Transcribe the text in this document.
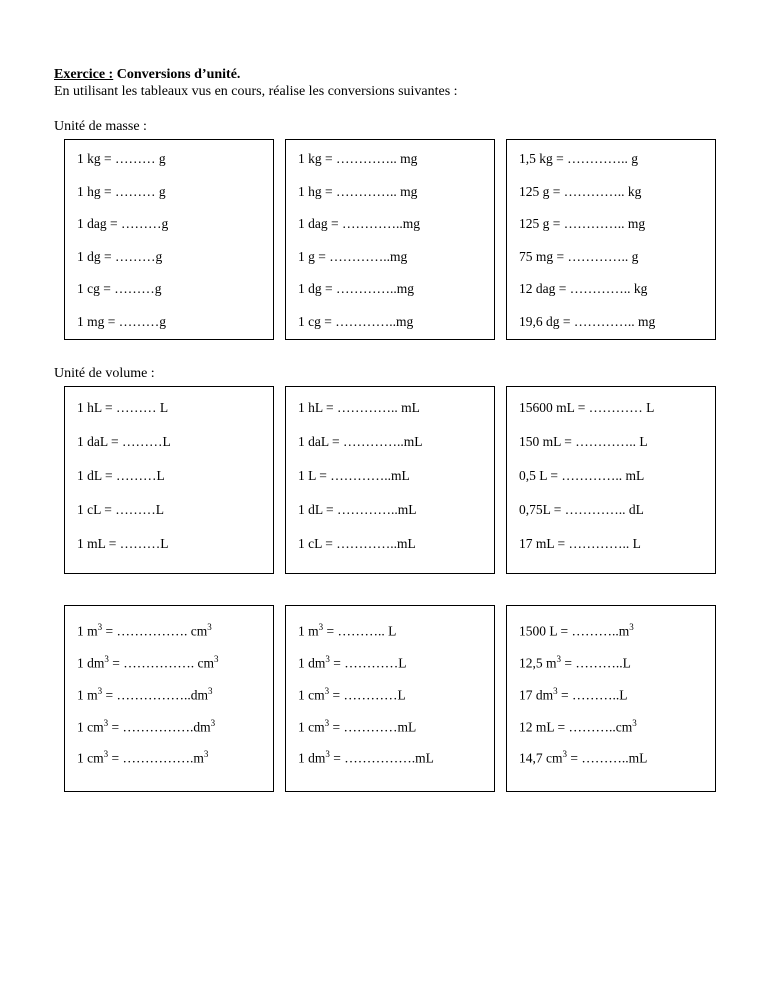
Exercice : Conversions d’unité.
En utilisant les tableaux vus en cours, réalise les conversions suivantes :
Unité de masse :
Unité de volume :
1 kg = ……… g
1 hg = ……… g
1 dag = ………g
1 dg = ………g
1 cg = ………g
1 mg = ………g
1 kg = ………….. mg
1 hg = ………….. mg
1 dag = …………..mg
1 g = …………..mg
1 dg = …………..mg
1 cg = …………..mg
1,5 kg = ………….. g
125 g = ………….. kg
125 g = ………….. mg
75 mg = ………….. g
12 dag = ………….. kg
19,6 dg = ………….. mg
1 hL = ……… L
1 daL = ………L
1 dL = ………L
1 cL = ………L
1 mL = ………L
1 hL = ………….. mL
1 daL = …………..mL
1 L = …………..mL
1 dL = …………..mL
1 cL = …………..mL
15600 mL = ………… L
150 mL = ………….. L
0,5 L = ………….. mL
0,75L = ………….. dL
17 mL = ………….. L
1 $m^3$ = ……………. $cm^3$
1 $dm^3$ = ……………. $cm^3$
1 $m^3$ = $\dots\dots\dots\dots\dots..dm^3$
1 $cm^3$ = $\dots\dots\dots\dots\dots.dm^3$
1 $cm^3$ = $\dots\dots\dots\dots\dots.m^3$
1 $m^3$ = ……….. L
1 $dm^3$ = …………L
1 $cm^3$ = …………L
1 $cm^3$ = …………mL
1 $dm^3$ = …………….mL
1500 $L = \dots\dots\dots..m^3$
12,5 $m^3$ = ………..L
17 $dm^3$ = ………..L
12 mL = $\dots\dots\dots..cm^3$
14,7 $cm^3$ = ………..mL
